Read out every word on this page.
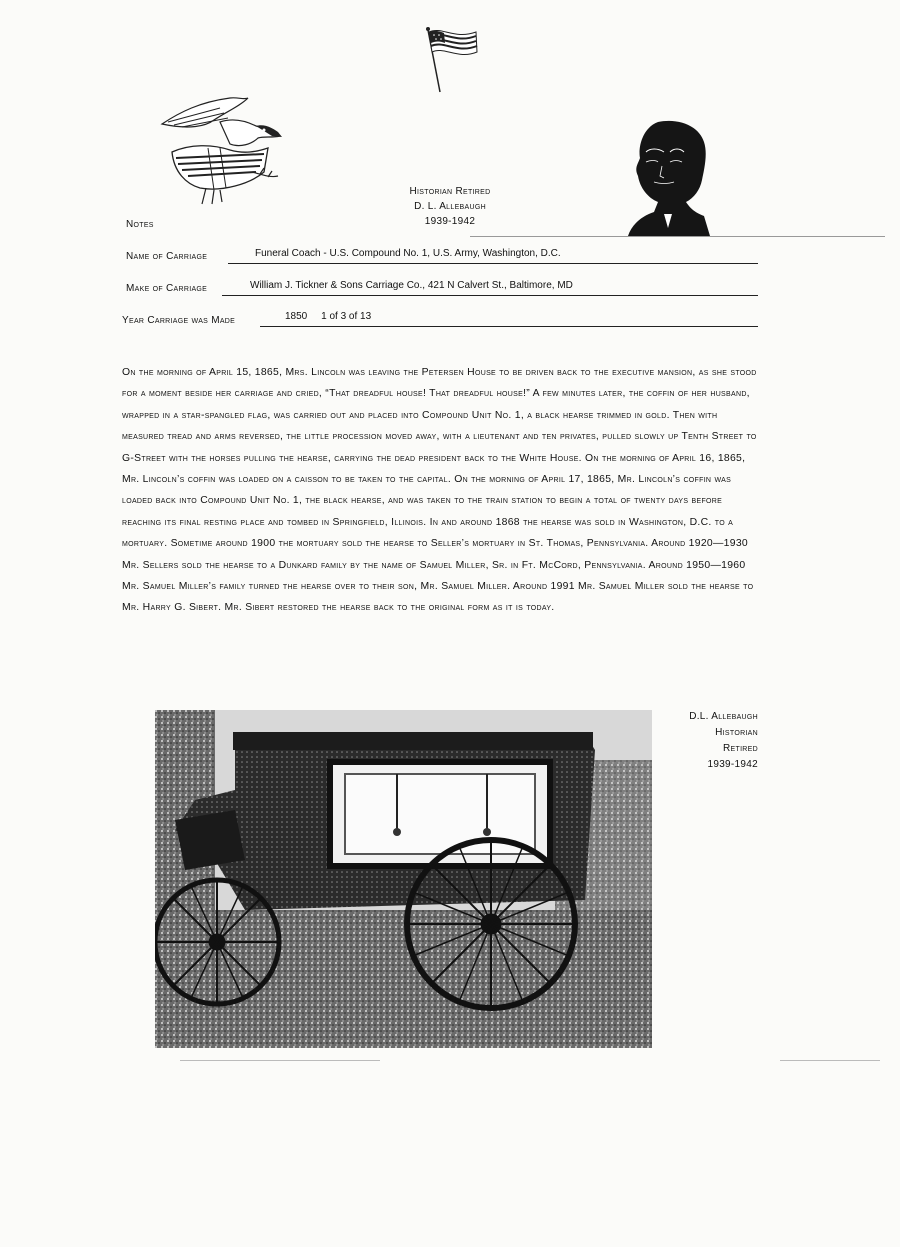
Historian Retired
D. L. Allebaugh
1939-1942
Notes
Name of Carriage	Funeral Coach - U.S. Compound No. 1, U.S. Army, Washington, D.C.
Make of Carriage	William J. Tickner & Sons Carriage Co., 421 N Calvert St., Baltimore, MD
Year Carriage was Made	1850     1 of 3 of 13
On the morning of April 15, 1865, Mrs. Lincoln was leaving the Petersen House to be driven back to the executive mansion, as she stood for a moment beside her carriage and cried, “That dreadful house! That dreadful house!” A few minutes later, the coffin of her husband, wrapped in a star-spangled flag, was carried out and placed into Compound Unit No. 1, a black hearse trimmed in gold. Then with measured tread and arms reversed, the little procession moved away, with a lieutenant and ten privates, pulled slowly up Tenth Street to G-Street with the horses pulling the hearse, carrying the dead president back to the White House. On the morning of April 16, 1865, Mr. Lincoln’s coffin was loaded on a caisson to be taken to the capital. On the morning of April 17, 1865, Mr. Lincoln’s coffin was loaded back into Compound Unit No. 1, the black hearse, and was taken to the train station to begin a total of twenty days before reaching its final resting place and tombed in Springfield, Illinois. In and around 1868 the hearse was sold in Washington, D.C. to a mortuary. Sometime around 1900 the mortuary sold the hearse to Seller’s mortuary in St. Thomas, Pennsylvania. Around 1920—1930 Mr. Sellers sold the hearse to a Dunkard family by the name of Samuel Miller, Sr. in Ft. McCord, Pennsylvania. Around 1950—1960 Mr. Samuel Miller’s family turned the hearse over to their son, Mr. Samuel Miller. Around 1991 Mr. Samuel Miller sold the hearse to Mr. Harry G. Sibert. Mr. Sibert restored the hearse back to the original form as it is today.
D.L. Allebaugh
Historian
Retired
1939-1942
